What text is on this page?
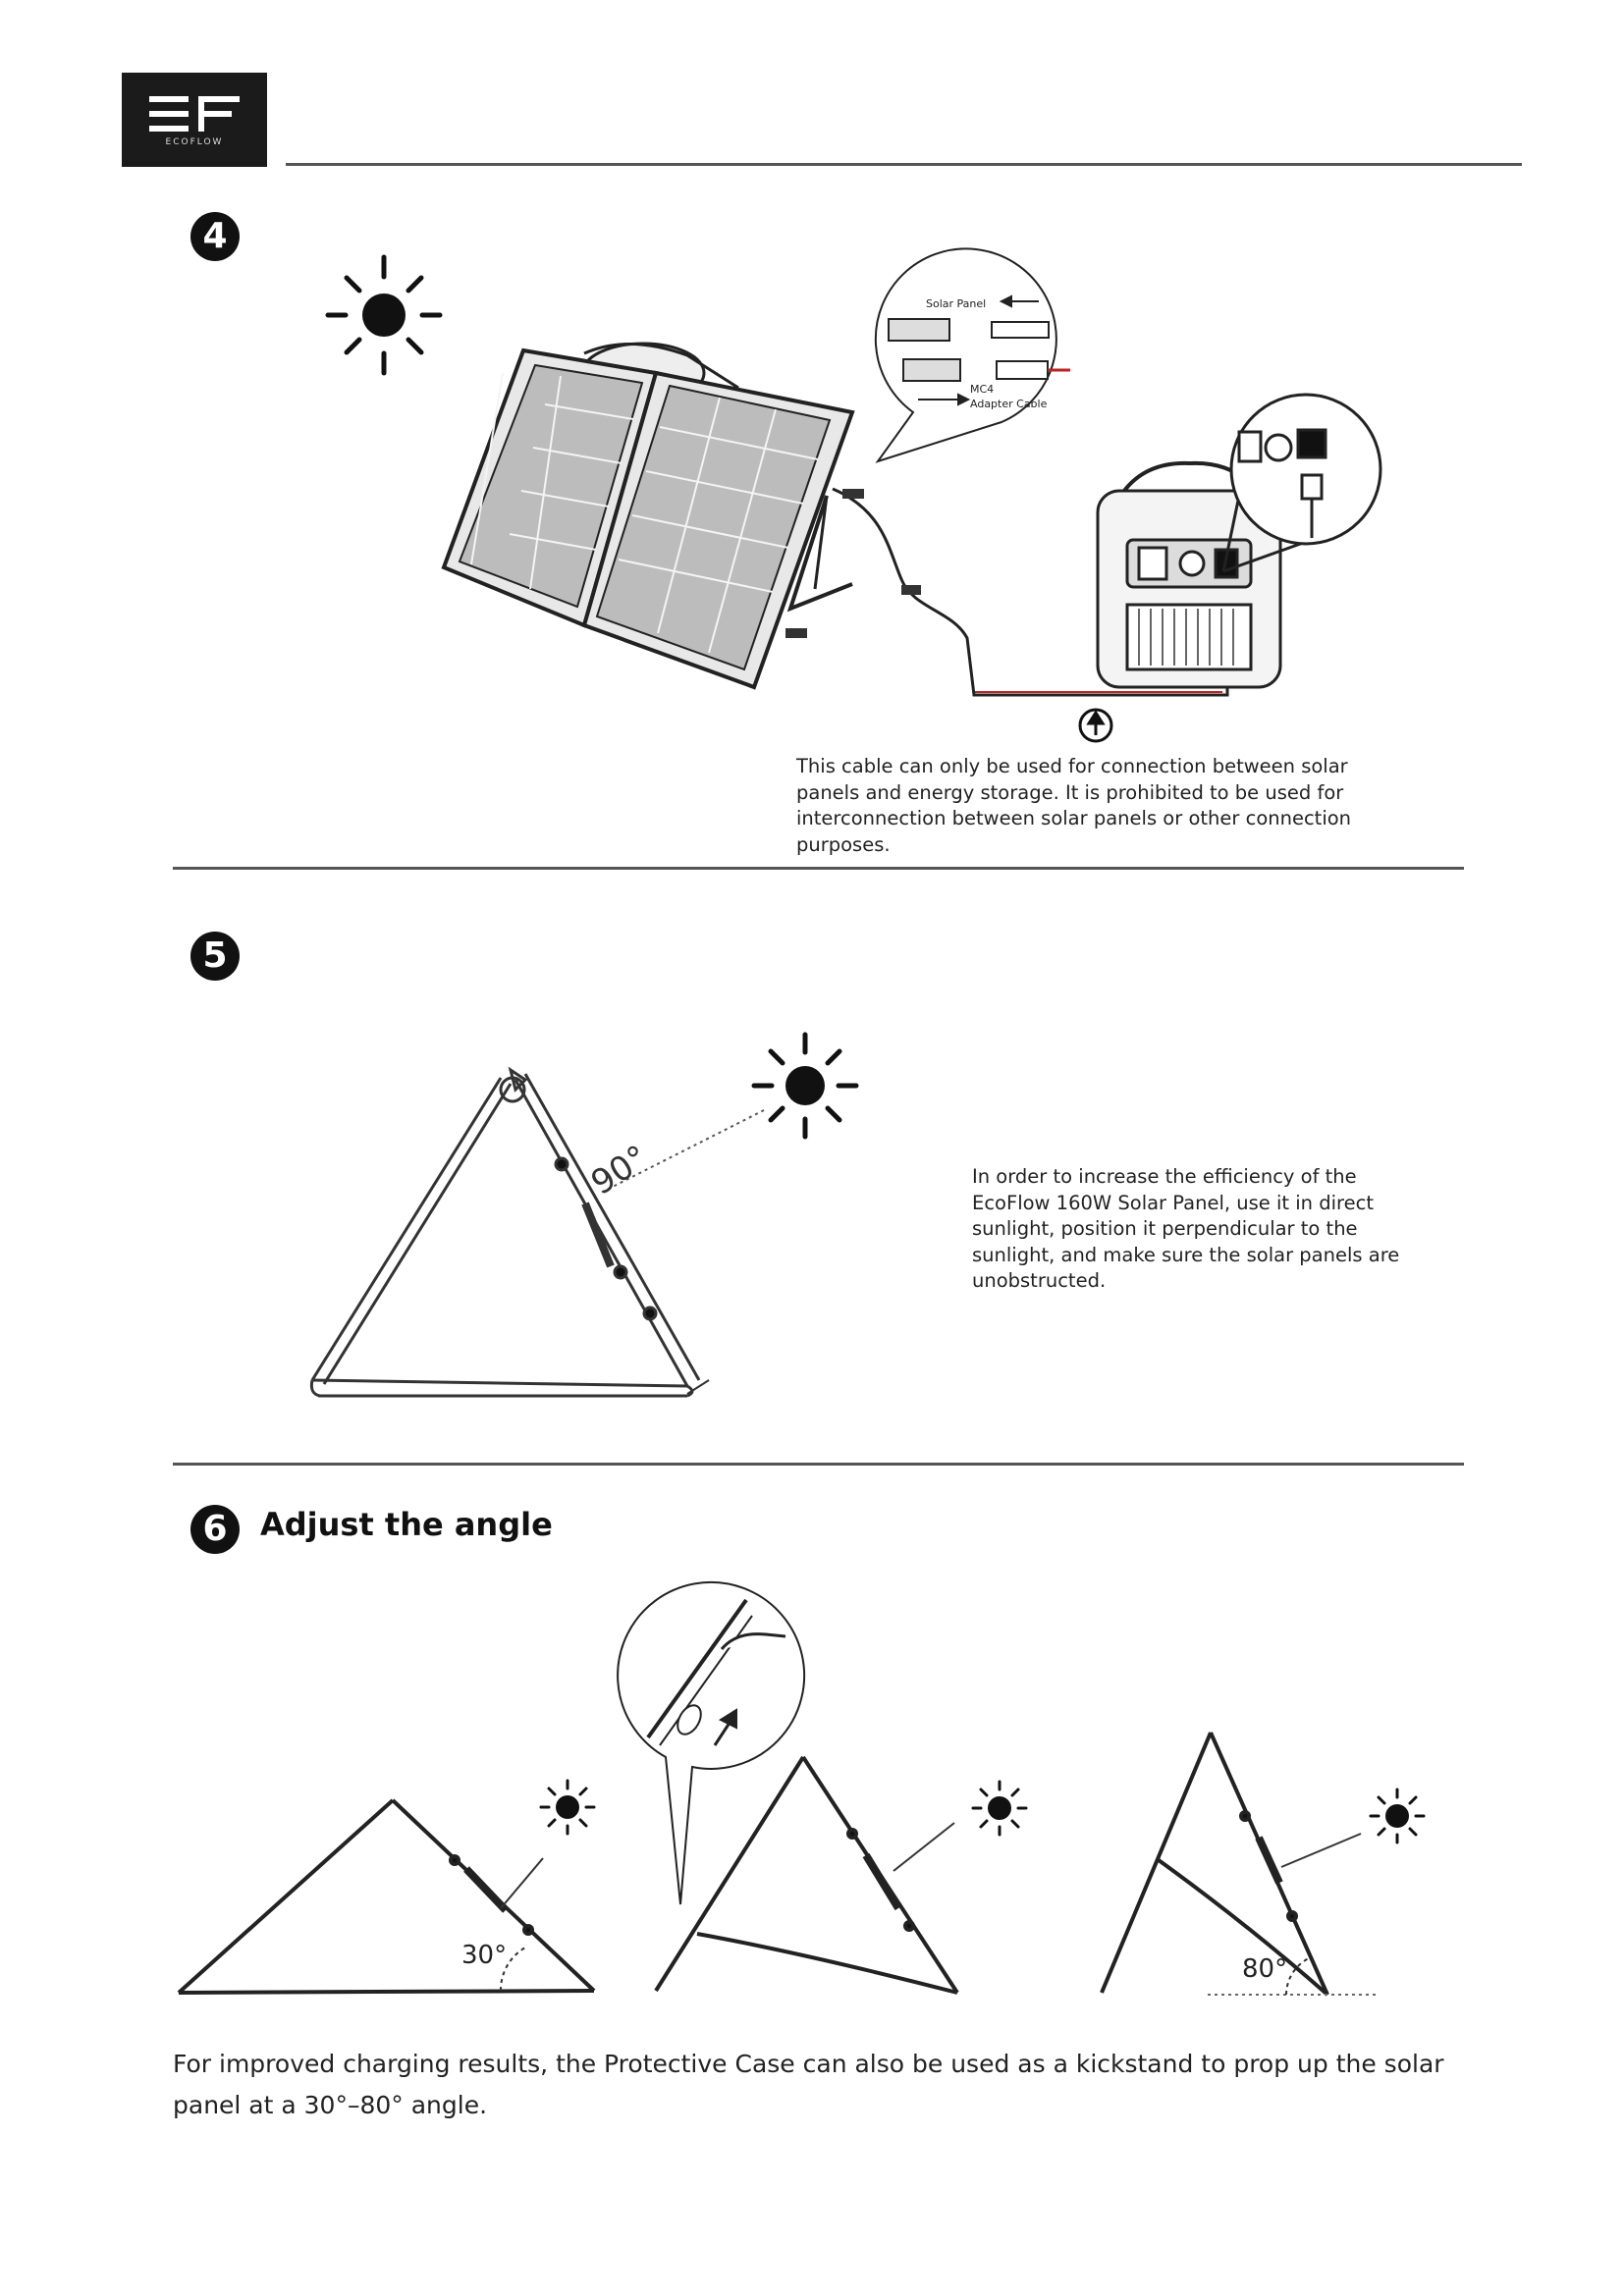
ECOFLOW
4
Solar Panel
MC4
Adapter Cable
This cable can only be used for connection between solar panels and energy storage. It is prohibited to be used for interconnection between solar panels or other connection purposes.
5
90°	In order to increase the efficiency of the EcoFlow 160W Solar Panel, use it in direct sunlight, position it perpendicular to the sunlight, and make sure the solar panels are unobstructed.
6	Adjust the angle
30°	80°
For improved charging results, the Protective Case can also be used as a kickstand to prop up the solar panel at a 30°–80° angle.
